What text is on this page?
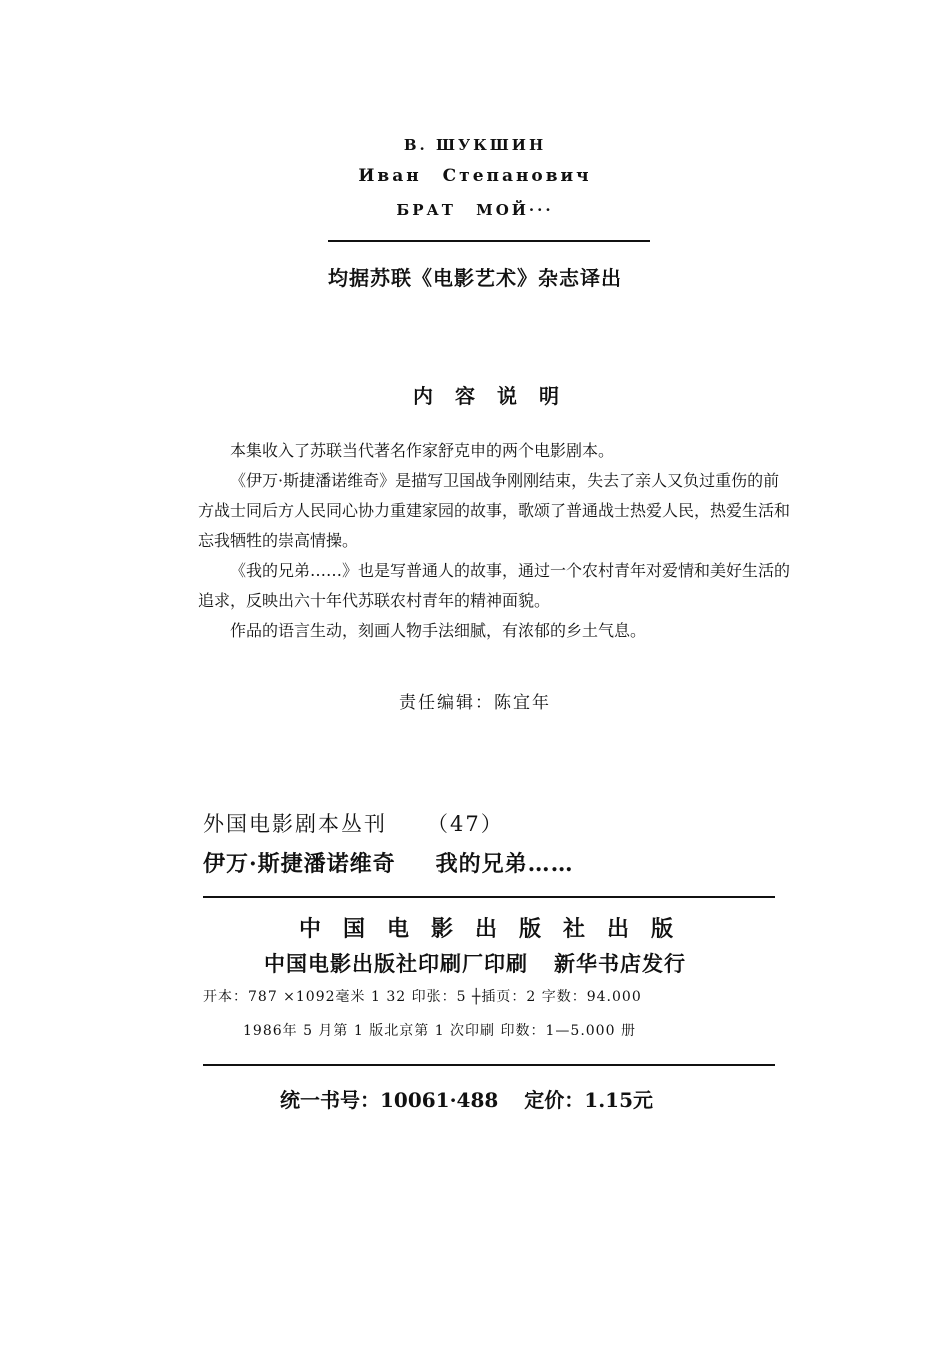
В. ШУКШИН
Иван Степанович
БРАТ МОЙ···
均据苏联《电影艺术》杂志译出
内容说明

本集收入了苏联当代著名作家舒克申的两个电影剧本。

《伊万·斯捷潘诺维奇》是描写卫国战争刚刚结束，失去了亲人又负过重伤的前方战士同后方人民同心协力重建家园的故事，歌颂了普通战士热爱人民，热爱生活和忘我牺牲的崇高情操。

《我的兄弟……》也是写普通人的故事，通过一个农村青年对爱情和美好生活的追求，反映出六十年代苏联农村青年的精神面貌。

作品的语言生动，刻画人物手法细腻，有浓郁的乡土气息。

责任编辑：陈宜年
外国电影剧本丛刊 （47）
伊万·斯捷潘诺维奇 我的兄弟……
中国电影出版社出版
中国电影出版社印刷厂印刷 新华书店发行
开本：787 ×1092毫米 1 32 印张：5 ┼插页：2 字数：94.000
1986年 5 月第 1 版北京第 1 次印刷 印数：1—5.000 册
统一书号：10061·488 定价：1.15元
